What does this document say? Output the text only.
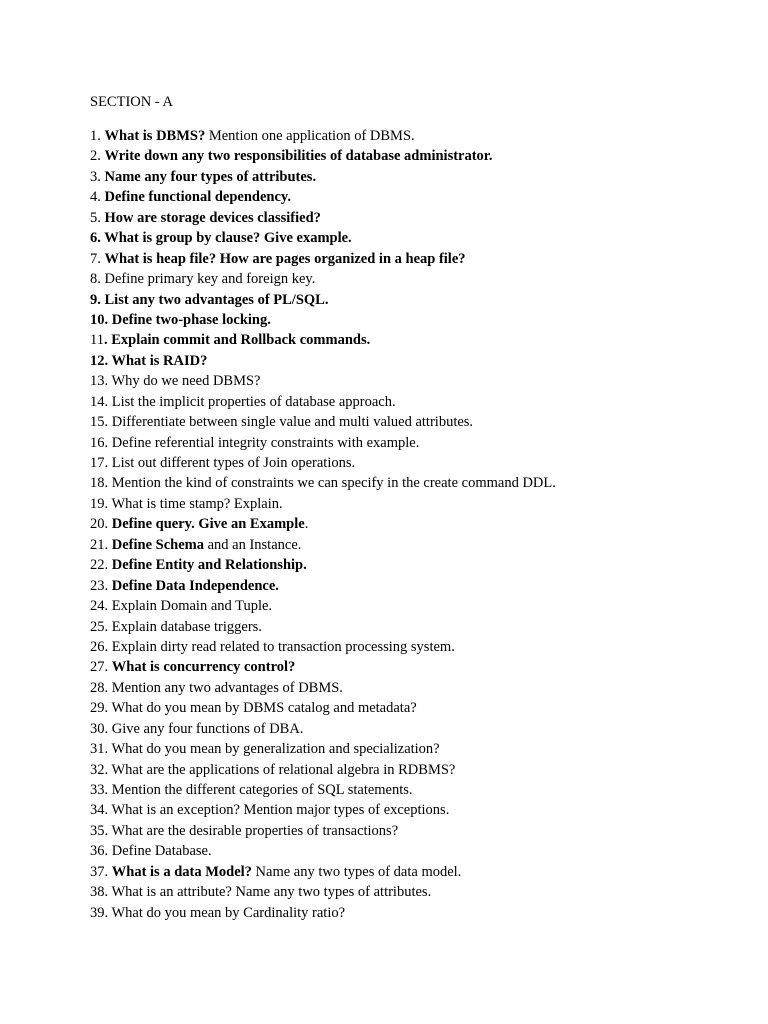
SECTION - A
1. What is DBMS? Mention one application of DBMS.
2. Write down any two responsibilities of database administrator.
3. Name any four types of attributes.
4. Define functional dependency.
5. How are storage devices classified?
6. What is group by clause? Give example.
7. What is heap file? How are pages organized in a heap file?
8. Define primary key and foreign key.
9. List any two advantages of PL/SQL.
10. Define two-phase locking.
11. Explain commit and Rollback commands.
12. What is RAID?
13. Why do we need DBMS?
14. List the implicit properties of database approach.
15. Differentiate between single value and multi valued attributes.
16. Define referential integrity constraints with example.
17. List out different types of Join operations.
18. Mention the kind of constraints we can specify in the create command DDL.
19. What is time stamp? Explain.
20. Define query. Give an Example.
21. Define Schema and an Instance.
22. Define Entity and Relationship.
23. Define Data Independence.
24. Explain Domain and Tuple.
25. Explain database triggers.
26. Explain dirty read related to transaction processing system.
27. What is concurrency control?
28. Mention any two advantages of DBMS.
29. What do you mean by DBMS catalog and metadata?
30. Give any four functions of DBA.
31. What do you mean by generalization and specialization?
32. What are the applications of relational algebra in RDBMS?
33. Mention the different categories of SQL statements.
34. What is an exception? Mention major types of exceptions.
35. What are the desirable properties of transactions?
36. Define Database.
37. What is a data Model? Name any two types of data model.
38. What is an attribute? Name any two types of attributes.
39. What do you mean by Cardinality ratio?
